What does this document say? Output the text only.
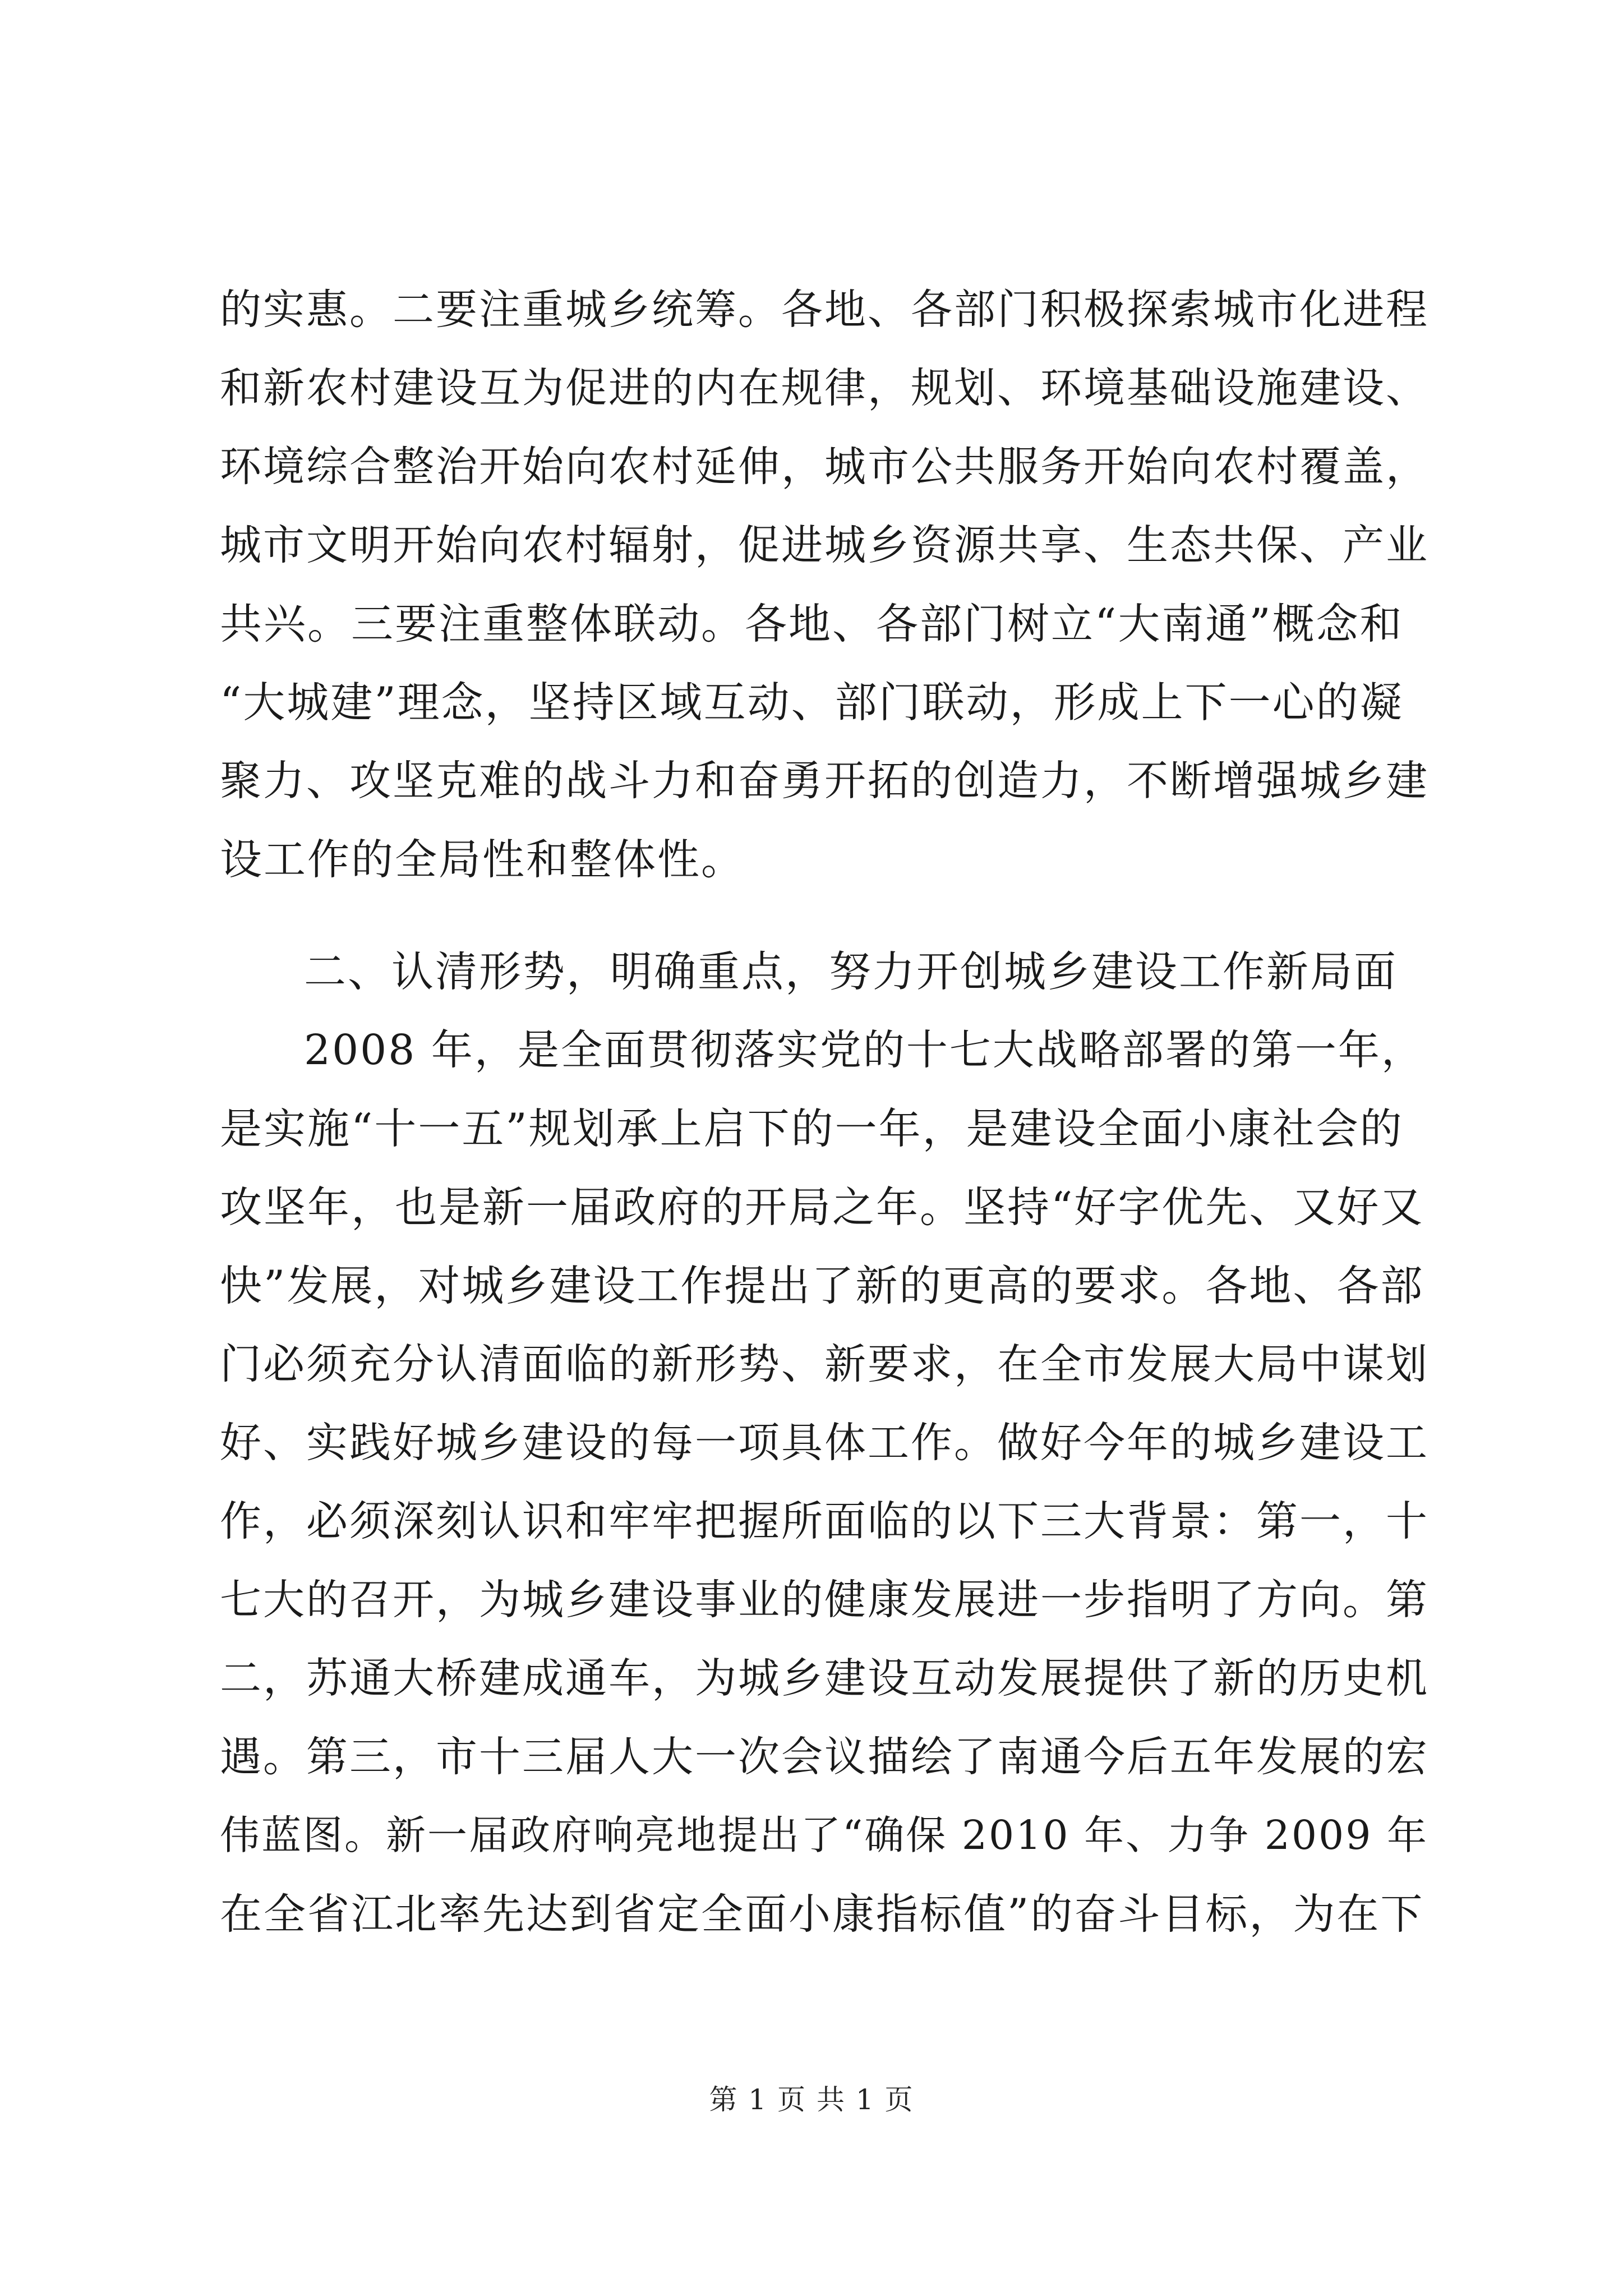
的实惠。二要注重城乡统筹。各地、各部门积极探索城市化进程
和新农村建设互为促进的内在规律，规划、环境基础设施建设、
环境综合整治开始向农村延伸，城市公共服务开始向农村覆盖，
城市文明开始向农村辐射，促进城乡资源共享、生态共保、产业
共兴。三要注重整体联动。各地、各部门树立“大南通”概念和
“大城建”理念，坚持区域互动、部门联动，形成上下一心的凝
聚力、攻坚克难的战斗力和奋勇开拓的创造力，不断增强城乡建
设工作的全局性和整体性。
二、认清形势，明确重点，努力开创城乡建设工作新局面
2008 年，是全面贯彻落实党的十七大战略部署的第一年，
是实施“十一五”规划承上启下的一年，是建设全面小康社会的
攻坚年，也是新一届政府的开局之年。坚持“好字优先、又好又
快”发展，对城乡建设工作提出了新的更高的要求。各地、各部
门必须充分认清面临的新形势、新要求，在全市发展大局中谋划
好、实践好城乡建设的每一项具体工作。做好今年的城乡建设工
作，必须深刻认识和牢牢把握所面临的以下三大背景：第一，十
七大的召开，为城乡建设事业的健康发展进一步指明了方向。第
二，苏通大桥建成通车，为城乡建设互动发展提供了新的历史机
遇。第三，市十三届人大一次会议描绘了南通今后五年发展的宏
伟蓝图。新一届政府响亮地提出了“确保 2010 年、力争 2009 年
在全省江北率先达到省定全面小康指标值”的奋斗目标，为在下
第 1 页 共 1 页
